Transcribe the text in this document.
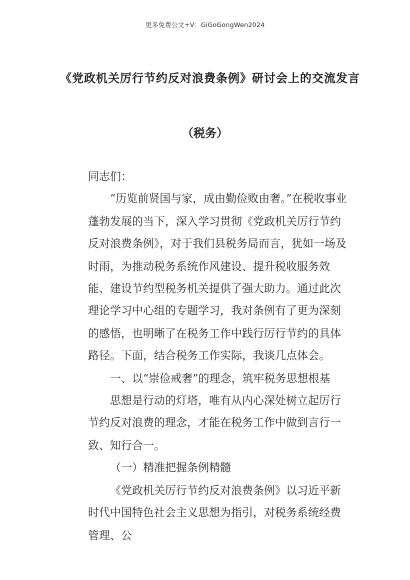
更多免费公文+V：GiGoGongWen2024
《党政机关厉行节约反对浪费条例》研讨会上的交流发言
（税务）

同志们：

“历览前贤国与家，成由勤俭败由奢。”在税收事业蓬勃发展的当下，深入学习贯彻《党政机关厉行节约反对浪费条例》，对于我们县税务局而言，犹如一场及时雨，为推动税务系统作风建设、提升税收服务效能、建设节约型税务机关提供了强大助力。通过此次理论学习中心组的专题学习，我对条例有了更为深刻的感悟，也明晰了在税务工作中践行厉行节约的具体路径。下面，结合税务工作实际，我谈几点体会。

一、以“崇俭戒奢”的理念，筑牢税务思想根基

思想是行动的灯塔，唯有从内心深处树立起厉行节约反对浪费的理念，才能在税务工作中做到言行一致、知行合一。

（一）精准把握条例精髓

《党政机关厉行节约反对浪费条例》以习近平新时代中国特色社会主义思想为指引，对税务系统经费管理、公
